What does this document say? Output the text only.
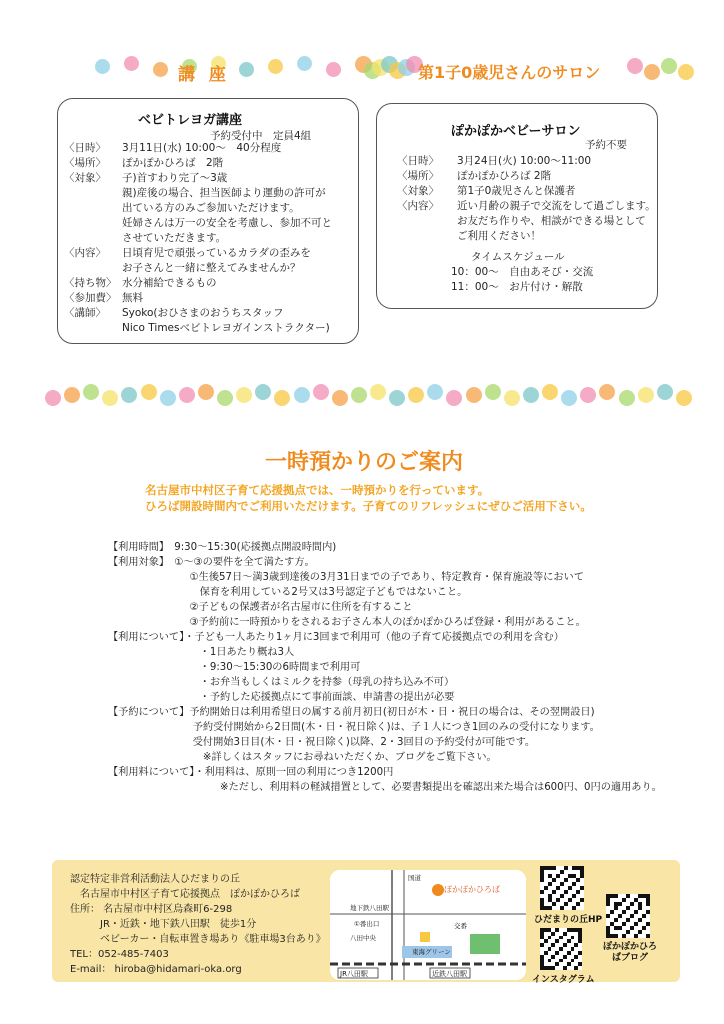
講 座	第1子0歳児さんのサロン
ベビトレヨガ講座
予約受付中　定員4組
〈日時〉 3月11日(水) 10:00～　40分程度
〈場所〉 ぽかぽかひろば　2階
〈対象〉 子)首すわり完了～3歳
親)産後の場合、担当医師より運動の許可が
出ている方のみご参加いただけます。
妊婦さんは万一の安全を考慮し、参加不可と
させていただきます。
〈内容〉 日頃育児で頑張っているカラダの歪みを
お子さんと一緒に整えてみませんか？
〈持ち物〉 水分補給できるもの
〈参加費〉 無料
〈講師〉 Syoko(おひさまのおうちスタッフ
Nico Timesベビトレヨガインストラクター)
ぽかぽかベビーサロン
予約不要
〈日時〉 3月24日(火) 10:00～11:00
〈場所〉 ぽかぽかひろば 2階
〈対象〉 第1子0歳児さんと保護者
〈内容〉 近い月齢の親子で交流をして過ごします。
お友だち作りや、相談ができる場として
ご利用ください！
タイムスケジュール
10：00～　自由あそび・交流
11：00～　お片付け・解散
一時預かりのご案内
名古屋市中村区子育て応援拠点では、一時預かりを行っています。
ひろば開設時間内でご利用いただけます。子育てのリフレッシュにぜひご活用下さい。
【利用時間】　9:30～15:30(応援拠点開設時間内)
【利用対象】　①～③の要件を全て満たす方。
　　　　　　　　①生後57日～満3歳到達後の3月31日までの子であり、特定教育・保育施設等において
　　　　　　　　　保育を利用している2号又は3号認定子どもではないこと。
　　　　　　　　②子どもの保護者が名古屋市に住所を有すること
　　　　　　　　③予約前に一時預かりをされるお子さん本人のぽかぽかひろば登録・利用があること。
【利用について】・子ども一人あたり1ヶ月に3回まで利用可（他の子育て応援拠点での利用を含む）
　　　　　　　　　・1日あたり概ね3人
　　　　　　　　　・9:30～15:30の6時間まで利用可
　　　　　　　　　・お弁当もしくはミルクを持参（母乳の持ち込み不可）
　　　　　　　　　・予約した応援拠点にて事前面談、申請書の提出が必要
【予約について】予約開始日は利用希望日の属する前月初日(初日が木・日・祝日の場合は、その翌開設日)
　　　　　　　　 予約受付開始から2日間(木・日・祝日除く)は、子１人につき1回のみの受付になります。
　　　　　　　　 受付開始3日目(木・日・祝日除く)以降、2・3回目の予約受付が可能です。
　　　　　　　　　 ※詳しくはスタッフにお尋ねいただくか、ブログをご覧下さい。
【利用料について】・利用料は、原則一回の利用につき1200円
　　　　　　　　　　　※ただし、利用料の軽減措置として、必要書類提出を確認出来た場合は600円、0円の適用あり。
認定特定非営利活動法人ひだまりの丘
　名古屋市中村区子育て応援拠点　ぽかぽかひろば
住所： 名古屋市中村区烏森町6-298
　　　JR・近鉄・地下鉄八田駅　徒歩1分
　　　ベビーカー・自転車置き場あり《駐車場3台あり》
TEL：052-485-7403
E-mail： hiroba@hidamari-oka.org
ぽかぽかひろば
JR八田駅	近鉄八田駅
地下鉄八田駅
①番出口
八田中央
国道
東海グリーン
交番
ひだまりの丘HP
インスタグラム
ぽかぽかひろばブログ
